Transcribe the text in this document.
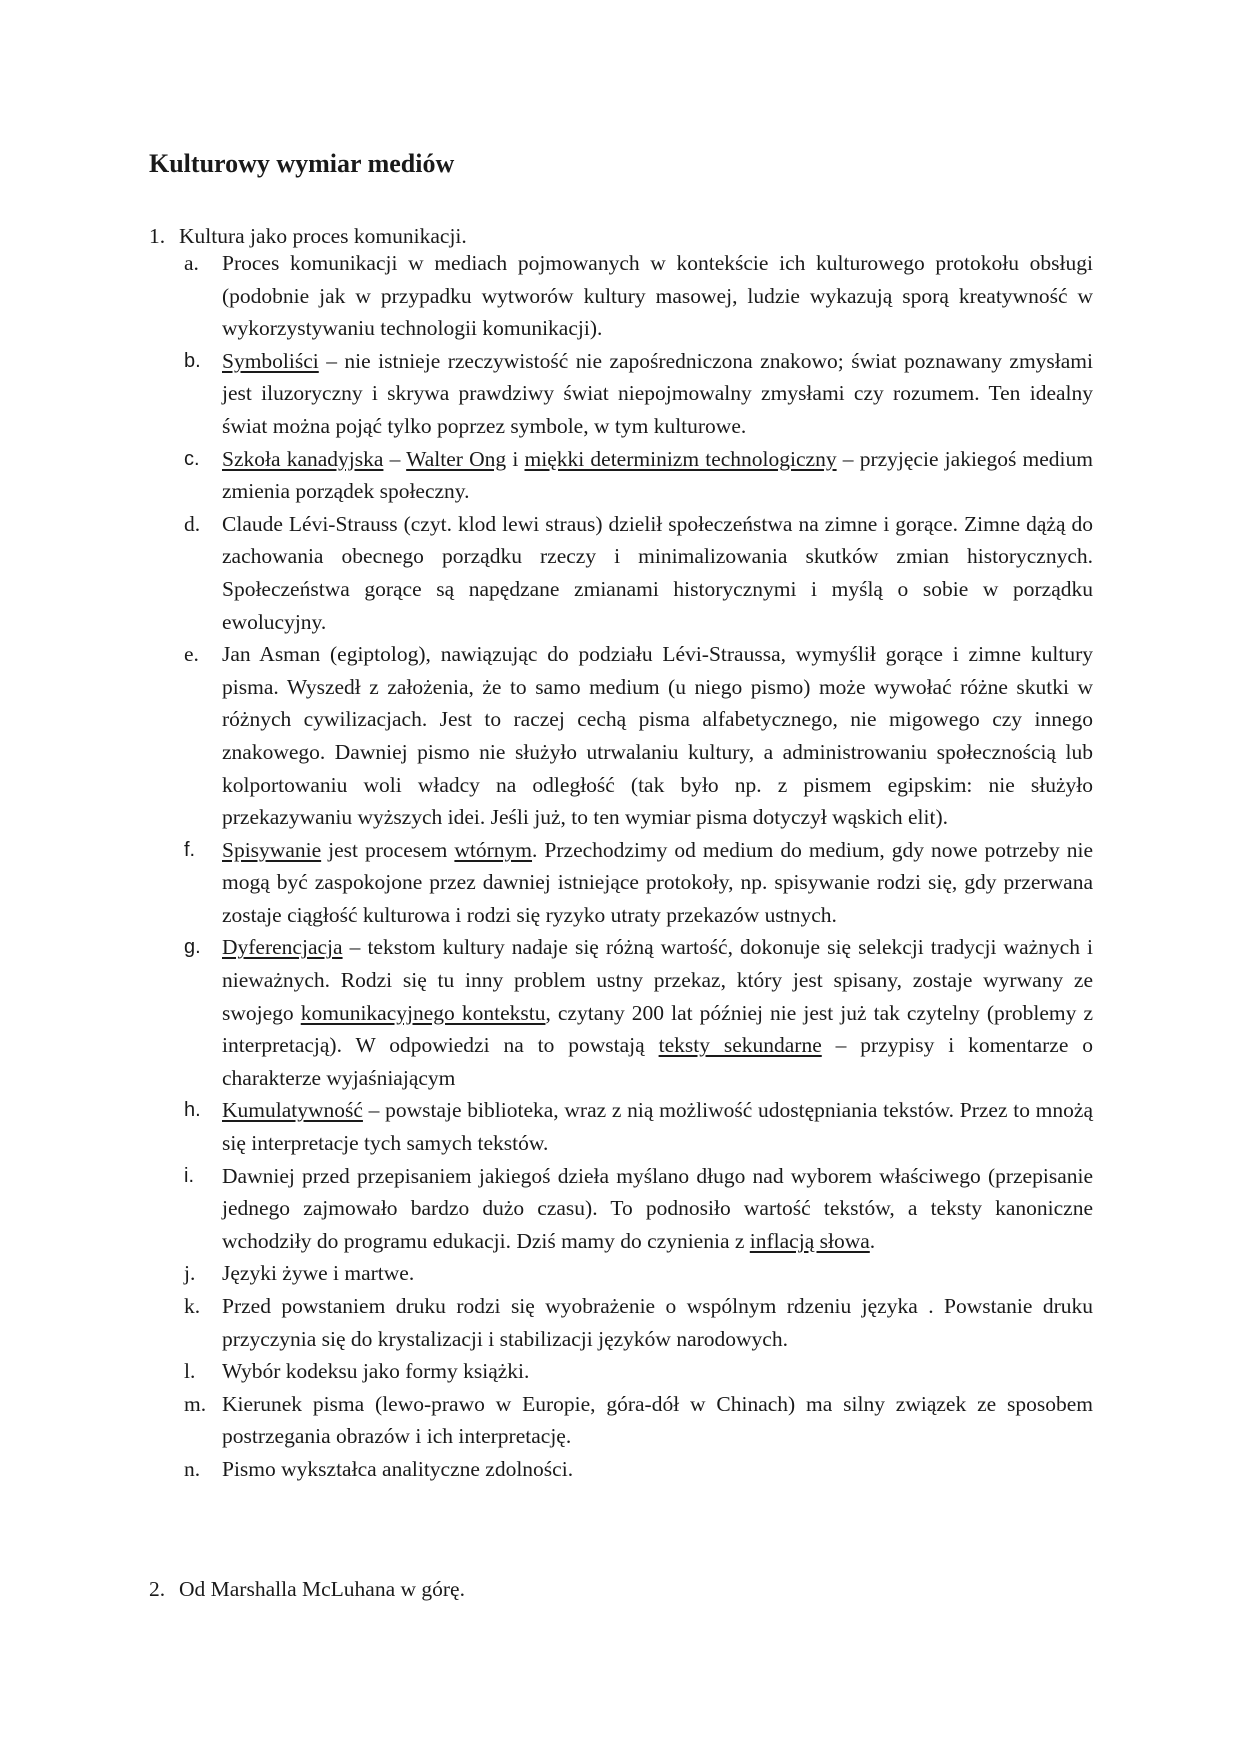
Kulturowy wymiar mediów
1. Kultura jako proces komunikacji.
a. Proces komunikacji w mediach pojmowanych w kontekście ich kulturowego protokołu obsługi (podobnie jak w przypadku wytworów kultury masowej, ludzie wykazują sporą kreatywność w wykorzystywaniu technologii komunikacji).

b. Symboliści – nie istnieje rzeczywistość nie zapośredniczona znakowo; świat poznawany zmysłami jest iluzoryczny i skrywa prawdziwy świat niepojmowalny zmysłami czy rozumem. Ten idealny świat można pojąć tylko poprzez symbole, w tym kulturowe.

c. Szkoła kanadyjska – Walter Ong i miękki determinizm technologiczny – przyjęcie jakiegoś medium zmienia porządek społeczny.

d. Claude Lévi-Strauss (czyt. klod lewi straus) dzielił społeczeństwa na zimne i gorące. Zimne dążą do zachowania obecnego porządku rzeczy i minimalizowania skutków zmian historycznych. Społeczeństwa gorące są napędzane zmianami historycznymi i myślą o sobie w porządku ewolucyjny.

e. Jan Asman (egiptolog), nawiązując do podziału Lévi-Straussa, wymyślił gorące i zimne kultury pisma. Wyszedł z założenia, że to samo medium (u niego pismo) może wywołać różne skutki w różnych cywilizacjach. Jest to raczej cechą pisma alfabetycznego, nie migowego czy innego znakowego. Dawniej pismo nie służyło utrwalaniu kultury, a administrowaniu społecznością lub kolportowaniu woli władcy na odległość (tak było np. z pismem egipskim: nie służyło przekazywaniu wyższych idei. Jeśli już, to ten wymiar pisma dotyczył wąskich elit).

f. Spisywanie jest procesem wtórnym. Przechodzimy od medium do medium, gdy nowe potrzeby nie mogą być zaspokojone przez dawniej istniejące protokoły, np. spisywanie rodzi się, gdy przerwana zostaje ciągłość kulturowa i rodzi się ryzyko utraty przekazów ustnych.

g. Dyferencjacja – tekstom kultury nadaje się różną wartość, dokonuje się selekcji tradycji ważnych i nieważnych. Rodzi się tu inny problem ustny przekaz, który jest spisany, zostaje wyrwany ze swojego komunikacyjnego kontekstu, czytany 200 lat później nie jest już tak czytelny (problemy z interpretacją). W odpowiedzi na to powstają teksty sekundarne – przypisy i komentarze o charakterze wyjaśniającym

h. Kumulatywność – powstaje biblioteka, wraz z nią możliwość udostępniania tekstów. Przez to mnożą się interpretacje tych samych tekstów.

i. Dawniej przed przepisaniem jakiegoś dzieła myślano długo nad wyborem właściwego (przepisanie jednego zajmowało bardzo dużo czasu). To podnosiło wartość tekstów, a teksty kanoniczne wchodziły do programu edukacji. Dziś mamy do czynienia z inflacją słowa.

j. Języki żywe i martwe.

k. Przed powstaniem druku rodzi się wyobrażenie o wspólnym rdzeniu języka . Powstanie druku przyczynia się do krystalizacji i stabilizacji języków narodowych.

l. Wybór kodeksu jako formy książki.

m. Kierunek pisma (lewo-prawo w Europie, góra-dół w Chinach) ma silny związek ze sposobem postrzegania obrazów i ich interpretację.

n. Pismo wykształca analityczne zdolności.

2. Od Marshalla McLuhana w górę.
